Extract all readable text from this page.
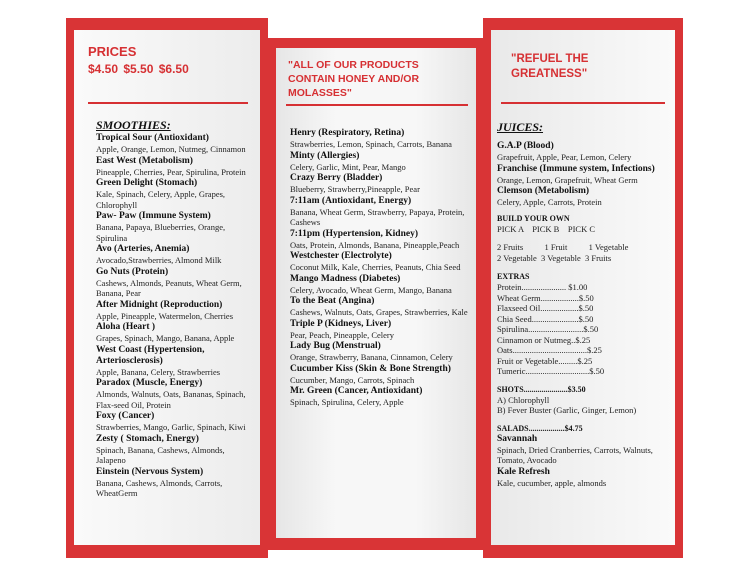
PRICES
$4.50 $5.50 $6.50
SMOOTHIES:
Tropical Sour (Antioxidant)
Apple, Orange, Lemon, Nutmeg, Cinnamon
East West (Metabolism)
Pineapple, Cherries, Pear, Spirulina, Protein
Green Delight (Stomach)
Kale, Spinach, Celery, Apple, Grapes, Chlorophyll
Paw- Paw (Immune System)
Banana, Papaya, Blueberries, Orange, Spirulina
Avo (Arteries, Anemia)
Avocado,Strawberries, Almond Milk
Go Nuts (Protein)
Cashews, Almonds, Peanuts, Wheat Germ, Banana, Pear
After Midnight (Reproduction)
Apple, Pineapple, Watermelon, Cherries
Aloha (Heart )
Grapes, Spinach, Mango, Banana, Apple
West Coast (Hypertension, Arteriosclerosis)
Apple, Banana, Celery, Strawberries
Paradox (Muscle, Energy)
Almonds, Walnuts, Oats, Bananas, Spinach, Flax-seed Oil, Protein
Foxy (Cancer)
Strawberries, Mango, Garlic, Spinach, Kiwi
Zesty ( Stomach, Energy)
Spinach, Banana, Cashews, Almonds, Jalapeno
Einstein (Nervous System)
Banana, Cashews, Almonds, Carrots, WheatGerm
"ALL OF OUR PRODUCTS CONTAIN HONEY AND/OR MOLASSES"
Henry (Respiratory, Retina)
Strawberries, Lemon, Spinach, Carrots, Banana
Minty (Allergies)
Celery, Garlic, Mint, Pear, Mango
Crazy Berry (Bladder)
Blueberry, Strawberry,Pineapple, Pear
7:11am (Antioxidant, Energy)
Banana, Wheat Germ, Strawberry, Papaya, Protein, Cashews
7:11pm (Hypertension, Kidney)
Oats, Protein, Almonds, Banana, Pineapple,Peach
Westchester (Electrolyte)
Coconut Milk, Kale, Cherries, Peanuts, Chia Seed
Mango Madness (Diabetes)
Celery, Avocado, Wheat Germ, Mango, Banana
To the Beat (Angina)
Cashews, Walnuts, Oats, Grapes, Strawberries, Kale
Triple P (Kidneys, Liver)
Pear, Peach, Pineapple, Celery
Lady Bug (Menstrual)
Orange, Strawberry, Banana, Cinnamon, Celery
Cucumber Kiss (Skin & Bone Strength)
Cucumber, Mango, Carrots, Spinach
Mr. Green (Cancer, Antioxidant)
Spinach, Spirulina, Celery, Apple
"REFUEL THE GREATNESS"
JUICES:
G.A.P (Blood)
Grapefruit, Apple, Pear, Lemon, Celery
Franchise (Immune system, Infections)
Orange, Lemon, Grapefruit, Wheat Germ
Clemson (Metabolism)
Celery, Apple, Carrots, Protein
BUILD YOUR OWN
PICK A    PICK B    PICK C
2 Fruits          1 Fruit          1 Vegetable
2 Vegetable  3 Vegetable  3 Fruits
EXTRAS
Protein..................... $1.00
Wheat Germ..................$.50
Flaxseed Oil..................$.50
Chia Seed......................$.50
Spirulina..........................$.50
Cinnamon or Nutmeg..$.25
Oats...................................$.25
Fruit or Vegetable.........$.25
Tumeric..............................$.50
SHOTS......................$3.50
A) Chlorophyll
B) Fever Buster (Garlic, Ginger, Lemon)
SALADS..................$4.75
Savannah
Spinach, Dried Cranberries, Carrots, Walnuts, Tomato, Avocado
Kale Refresh
Kale, cucumber, apple, almonds
